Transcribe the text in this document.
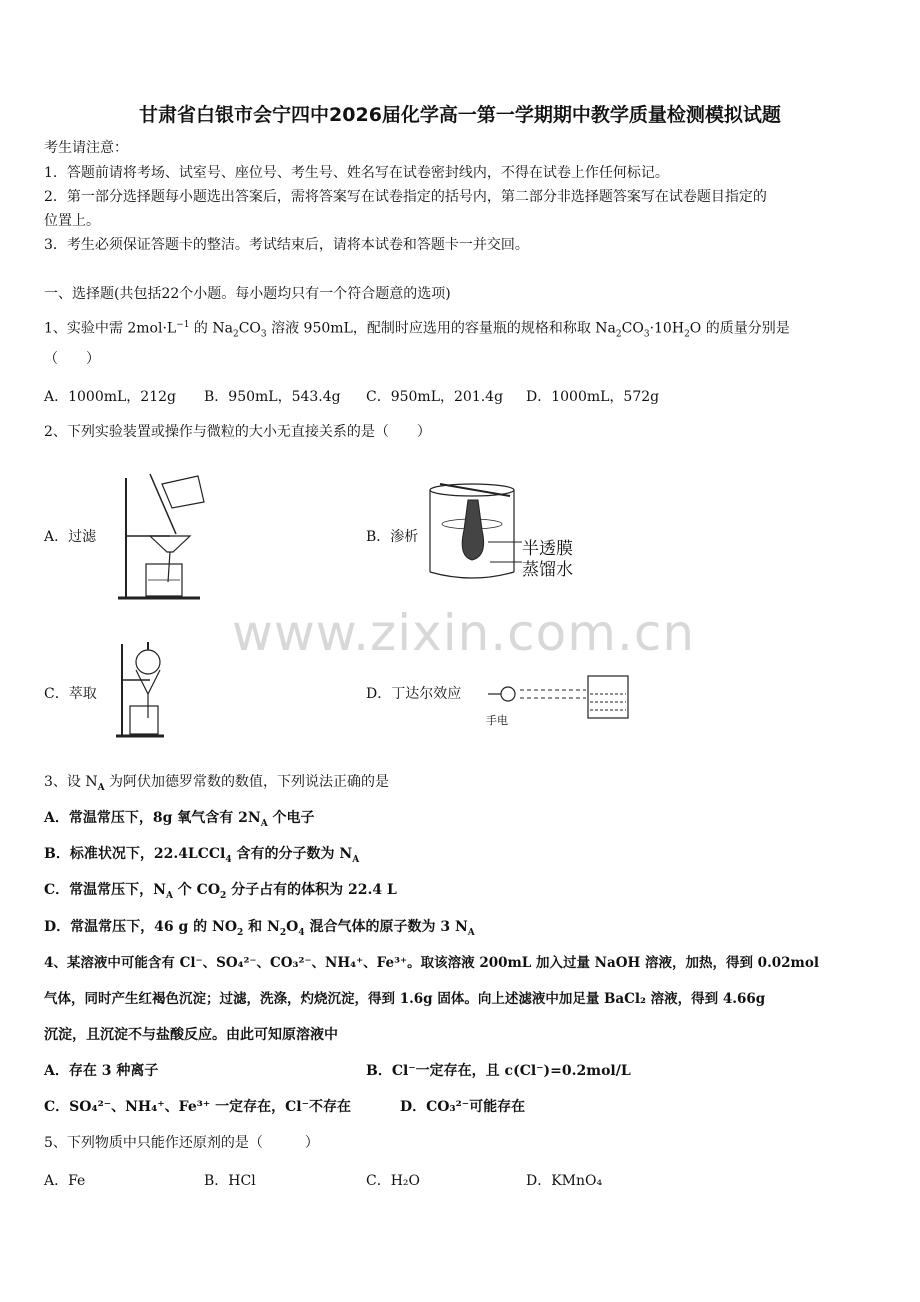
甘肃省白银市会宁四中2026届化学高一第一学期期中教学质量检测模拟试题
考生请注意：
1．答题前请将考场、试室号、座位号、考生号、姓名写在试卷密封线内，不得在试卷上作任何标记。
2．第一部分选择题每小题选出答案后，需将答案写在试卷指定的括号内，第二部分非选择题答案写在试卷题目指定的
位置上。
3．考生必须保证答题卡的整洁。考试结束后，请将本试卷和答题卡一并交回。
一、选择题(共包括22个小题。每小题均只有一个符合题意的选项)
1、实验中需 $2mol\cdot L^{-1}$ 的 $Na_2CO_3$ 溶液 950mL，配制时应选用的容量瓶的规格和称取 $Na_2CO_3\cdot 10H_2O$ 的质量分别是
（　　）
A．1000mL，212g B．950mL，543.4g C．950mL，201.4g D．1000mL，572g
2、下列实验装置或操作与微粒的大小无直接关系的是（　　）
A．过滤	B．渗析
半透膜
蒸馏水
C．萃取	D．丁达尔效应
手电
www.zixin.com.cn
3、设 $N_A$ 为阿伏加德罗常数的数值，下列说法正确的是
A．常温常压下，8g 氧气含有 $2N_A$ 个电子
B．标准状况下，22.4LCCl$_4$ 含有的分子数为 $N_A$
C．常温常压下，$N_A$ 个 $CO_2$ 分子占有的体积为 22.4 L
D．常温常压下，46 g 的 $NO_2$ 和 $N_2O_4$ 混合气体的原子数为 3 $N_A$
4、某溶液中可能含有 Cl⁻、SO₄²⁻、CO₃²⁻、NH₄⁺、Fe³⁺。取该溶液 200mL 加入过量 NaOH 溶液，加热，得到 0.02mol
气体，同时产生红褐色沉淀；过滤，洗涤，灼烧沉淀，得到 1.6g 固体。向上述滤液中加足量 BaCl₂ 溶液，得到 4.66g
沉淀，且沉淀不与盐酸反应。由此可知原溶液中
A．存在 3 种离子	B．Cl⁻一定存在，且 c(Cl⁻)=0.2mol/L
C．SO₄²⁻、NH₄⁺、Fe³⁺ 一定存在，Cl⁻不存在	D．CO₃²⁻可能存在
5、下列物质中只能作还原剂的是（　　　）
A．Fe	B．HCl	C．H₂O	D．KMnO₄
